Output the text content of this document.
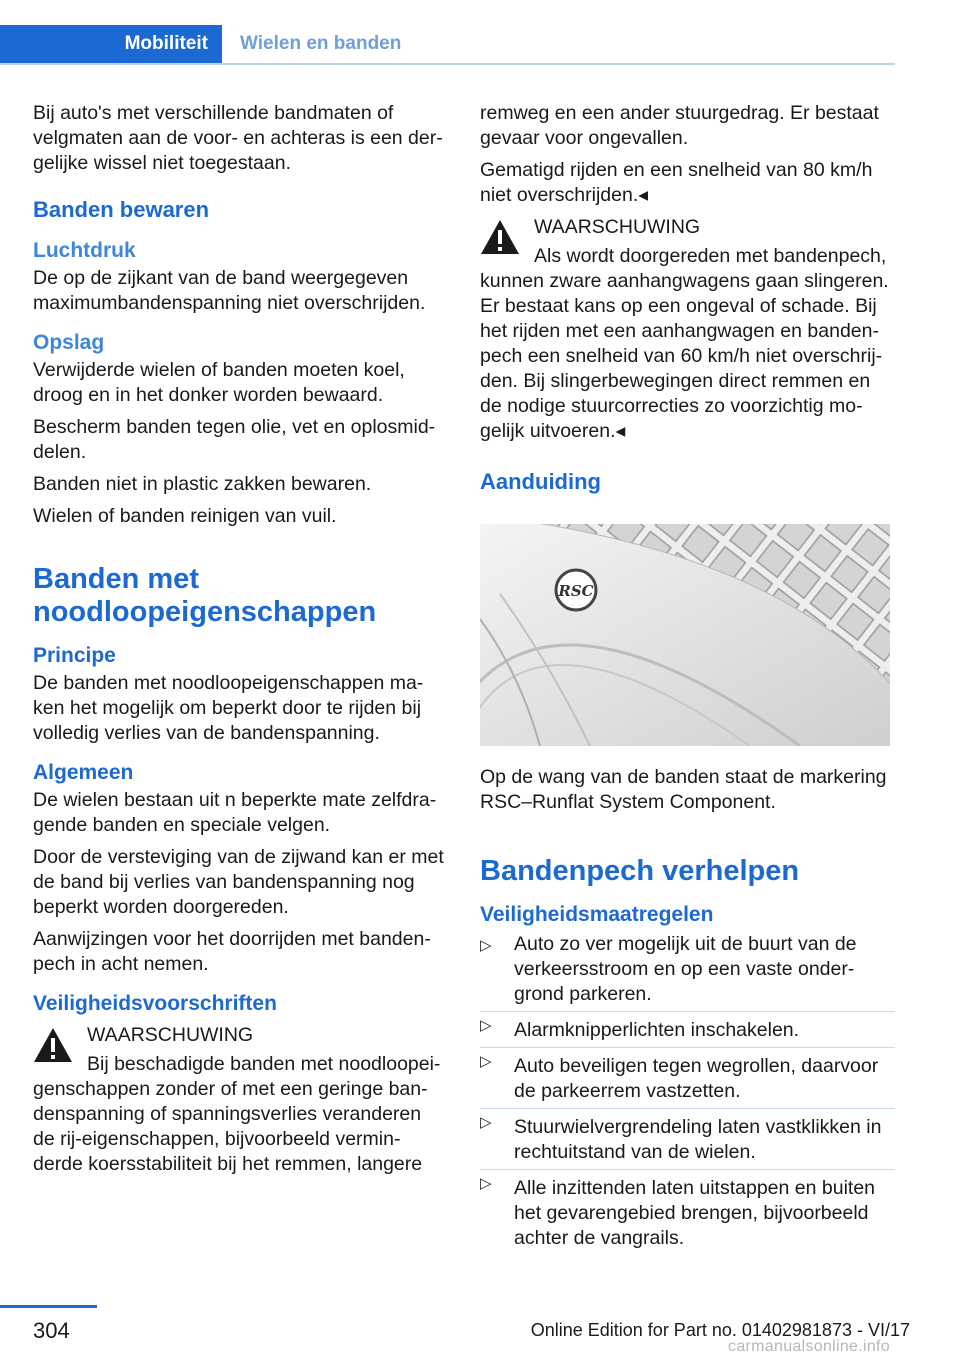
Mobiliteit	Wielen en banden

Bij auto's met verschillende bandmaten of velgmaten aan de voor- en achteras is een der‐ gelijke wissel niet toegestaan.

Banden bewaren
Luchtdruk

De op de zijkant van de band weergegeven maximumbandenspanning niet overschrijden.

Opslag

Verwijderde wielen of banden moeten koel, droog en in het donker worden bewaard.

Bescherm banden tegen olie, vet en oplosmid‐ delen.

Banden niet in plastic zakken bewaren.

Wielen of banden reinigen van vuil.

Banden met noodloopeigenschappen
Principe

De banden met noodloopeigenschappen ma‐ ken het mogelijk om beperkt door te rijden bij volledig verlies van de bandenspanning.

Algemeen

De wielen bestaan uit n beperkte mate zelfdra‐ gende banden en speciale velgen.

Door de versteviging van de zijwand kan er met de band bij verlies van bandenspanning nog beperkt worden doorgereden.

Aanwijzingen voor het doorrijden met banden‐ pech in acht nemen.

Veiligheidsvoorschriften
WAARSCHUWING

Bij beschadigde banden met noodloopei‐ genschappen zonder of met een geringe ban‐ denspanning of spanningsverlies veranderen de rij-eigenschappen, bijvoorbeeld vermin‐ derde koersstabiliteit bij het remmen, langere

remweg en een ander stuurgedrag. Er bestaat gevaar voor ongevallen.

Gematigd rijden en een snelheid van 80 km/h niet overschrijden.◂

WAARSCHUWING

Als wordt doorgereden met bandenpech, kunnen zware aanhangwagens gaan slingeren. Er bestaat kans op een ongeval of schade. Bij het rijden met een aanhangwagen en banden‐ pech een snelheid van 60 km/h niet overschrij‐ den. Bij slingerbewegingen direct remmen en de nodige stuurcorrecties zo voorzichtig mo‐ gelijk uitvoeren.◂

Aanduiding
RSC

Op de wang van de banden staat de markering RSC–Runflat System Component.

Bandenpech verhelpen
Veiligheidsmaatregelen
▷ Auto zo ver mogelijk uit de buurt van de verkeersstroom en op een vaste onder‐ grond parkeren.
▷ Alarmknipperlichten inschakelen.
▷ Auto beveiligen tegen wegrollen, daarvoor de parkeerrem vastzetten.
▷ Stuurwielvergrendeling laten vastklikken in rechtuitstand van de wielen.
▷ Alle inzittenden laten uitstappen en buiten het gevarengebied brengen, bijvoorbeeld achter de vangrails.
304	Online Edition for Part no. 01402981873 - VI/17
carmanualsonline.info
